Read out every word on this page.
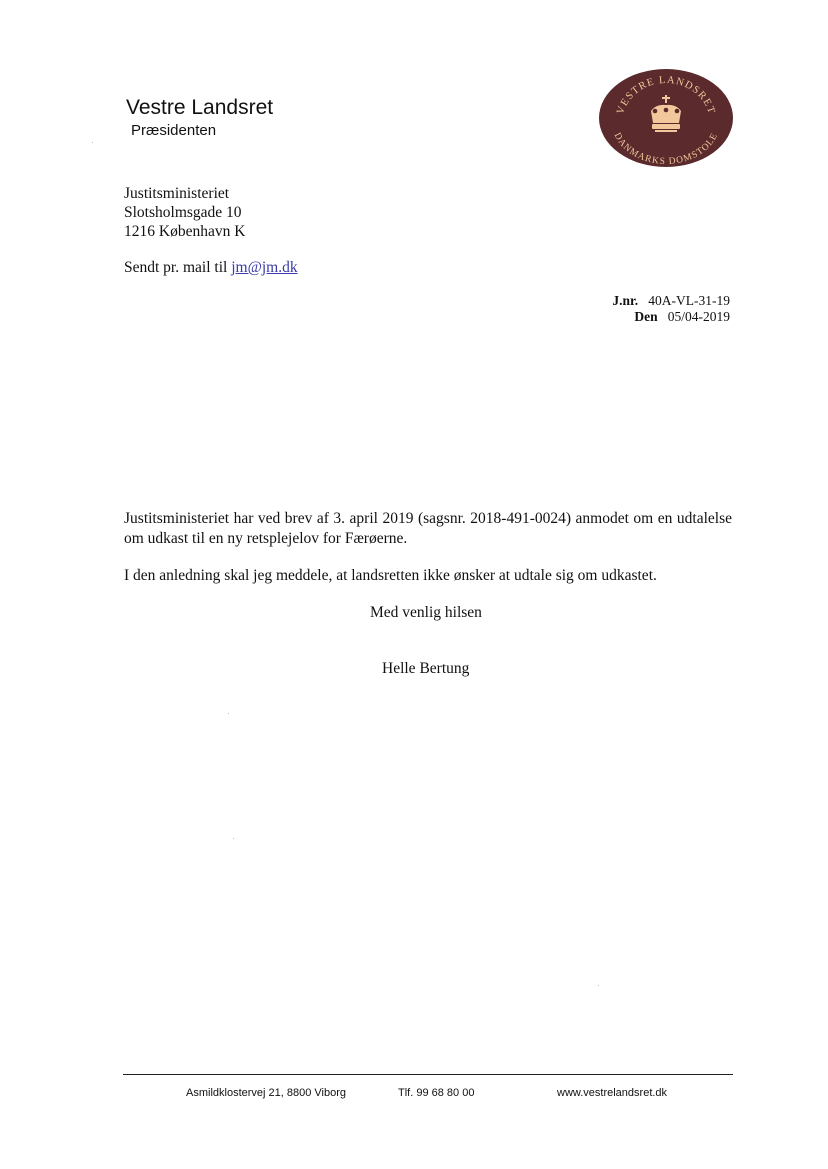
Vestre Landsret
Præsidenten
VESTRE LANDSRET
DANMARKS DOMSTOLE
Justitsministeriet
Slotsholmsgade 10
1216 København K
Sendt pr. mail til jm@jm.dk
J.nr. 40A-VL-31-19
Den 05/04-2019
Justitsministeriet har ved brev af 3. april 2019 (sagsnr. 2018-491-0024) anmodet om en udtalelse om udkast til en ny retsplejelov for Færøerne.
I den anledning skal jeg meddele, at landsretten ikke ønsker at udtale sig om udkastet.
Med venlig hilsen
Helle Bertung
Asmildklostervej 21, 8800 Viborg	Tlf. 99 68 80 00	www.vestrelandsret.dk
